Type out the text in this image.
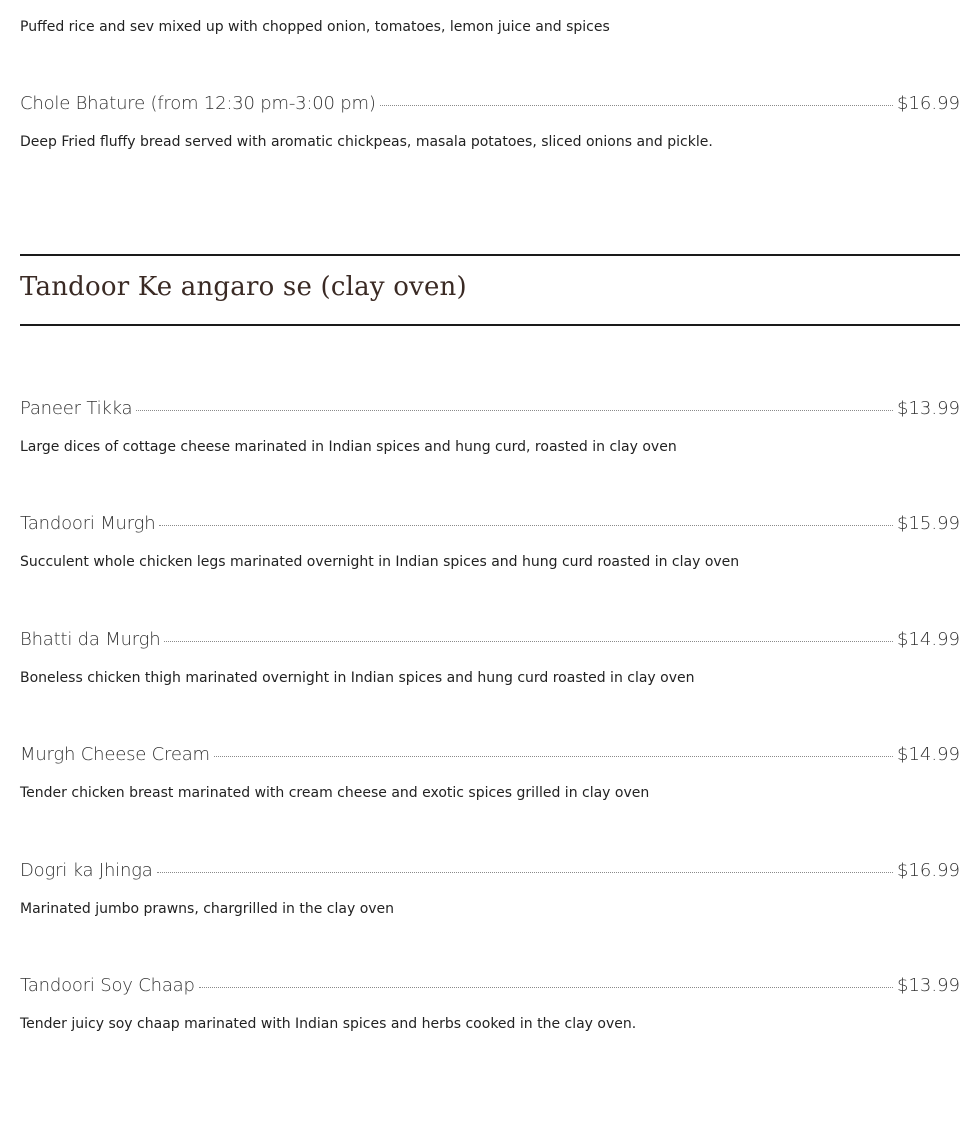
Puffed rice and sev mixed up with chopped onion, tomatoes, lemon juice and spices
Chole Bhature (from 12:30 pm-3:00 pm)	$16.99
Deep Fried fluffy bread served with aromatic chickpeas, masala potatoes, sliced onions and pickle.
Tandoor Ke angaro se (clay oven)
Paneer Tikka	$13.99
Large dices of cottage cheese marinated in Indian spices and hung curd, roasted in clay oven
Tandoori Murgh	$15.99
Succulent whole chicken legs marinated overnight in Indian spices and hung curd roasted in clay oven
Bhatti da Murgh	$14.99
Boneless chicken thigh marinated overnight in Indian spices and hung curd roasted in clay oven
Murgh Cheese Cream	$14.99
Tender chicken breast marinated with cream cheese and exotic spices grilled in clay oven
Dogri ka Jhinga	$16.99
Marinated jumbo prawns, chargrilled in the clay oven
Tandoori Soy Chaap	$13.99
Tender juicy soy chaap marinated with Indian spices and herbs cooked in the clay oven.
